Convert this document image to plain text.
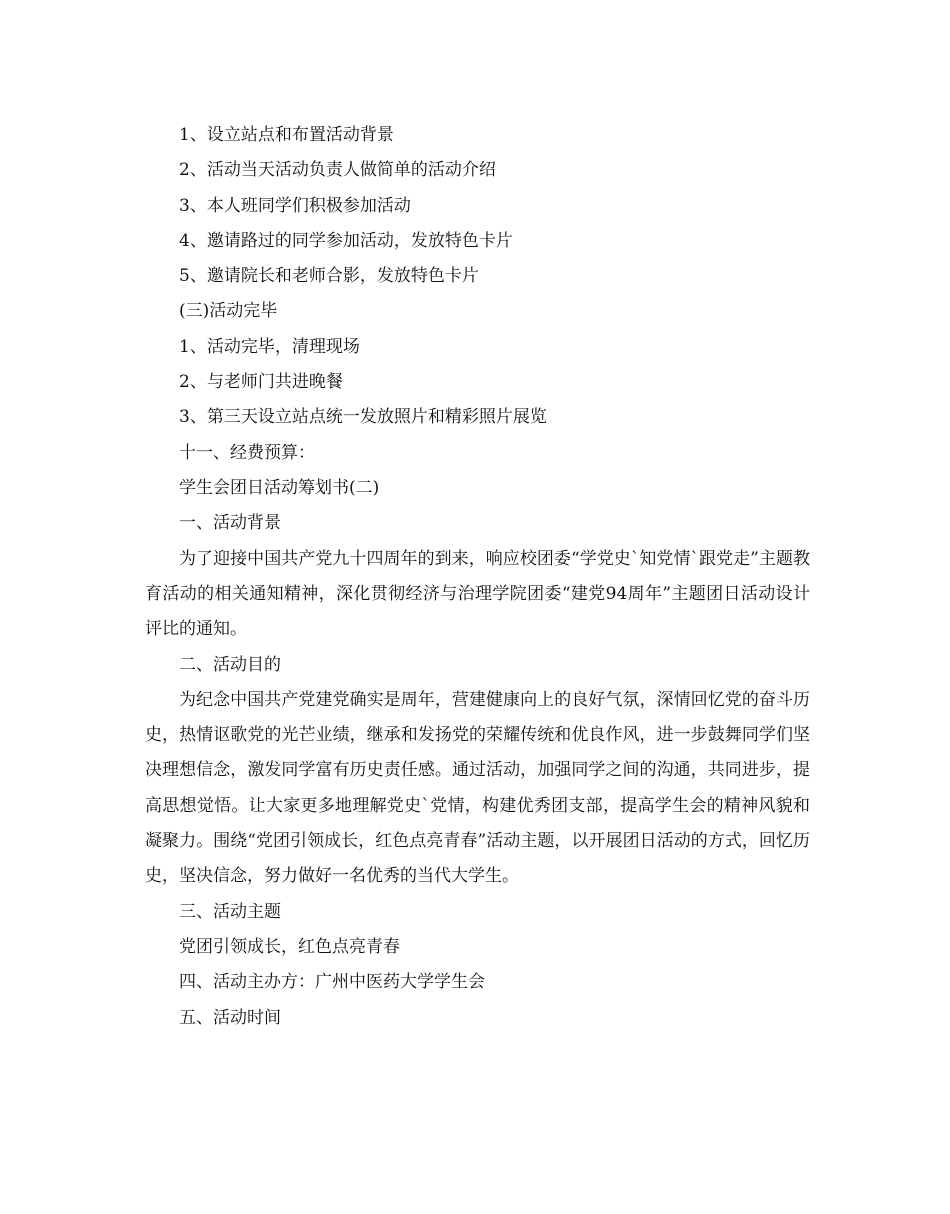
1、设立站点和布置活动背景
2、活动当天活动负责人做简单的活动介绍
3、本人班同学们积极参加活动
4、邀请路过的同学参加活动，发放特色卡片
5、邀请院长和老师合影，发放特色卡片
(三)活动完毕
1、活动完毕，清理现场
2、与老师门共进晚餐
3、第三天设立站点统一发放照片和精彩照片展览
十一、经费预算：
学生会团日活动筹划书(二)
一、活动背景

为了迎接中国共产党九十四周年的到来，响应校团委“学党史`知党情`跟党走”主题教育活动的相关通知精神，深化贯彻经济与治理学院团委“建党94周年”主题团日活动设计评比的通知。

二、活动目的

为纪念中国共产党建党确实是周年，营建健康向上的良好气氛，深情回忆党的奋斗历史，热情讴歌党的光芒业绩，继承和发扬党的荣耀传统和优良作风，进一步鼓舞同学们坚决理想信念，激发同学富有历史责任感。通过活动，加强同学之间的沟通，共同进步，提高思想觉悟。让大家更多地理解党史`党情，构建优秀团支部，提高学生会的精神风貌和凝聚力。围绕“党团引领成长，红色点亮青春”活动主题，以开展团日活动的方式，回忆历史，坚决信念，努力做好一名优秀的当代大学生。

三、活动主题
党团引领成长，红色点亮青春
四、活动主办方：广州中医药大学学生会
五、活动时间
